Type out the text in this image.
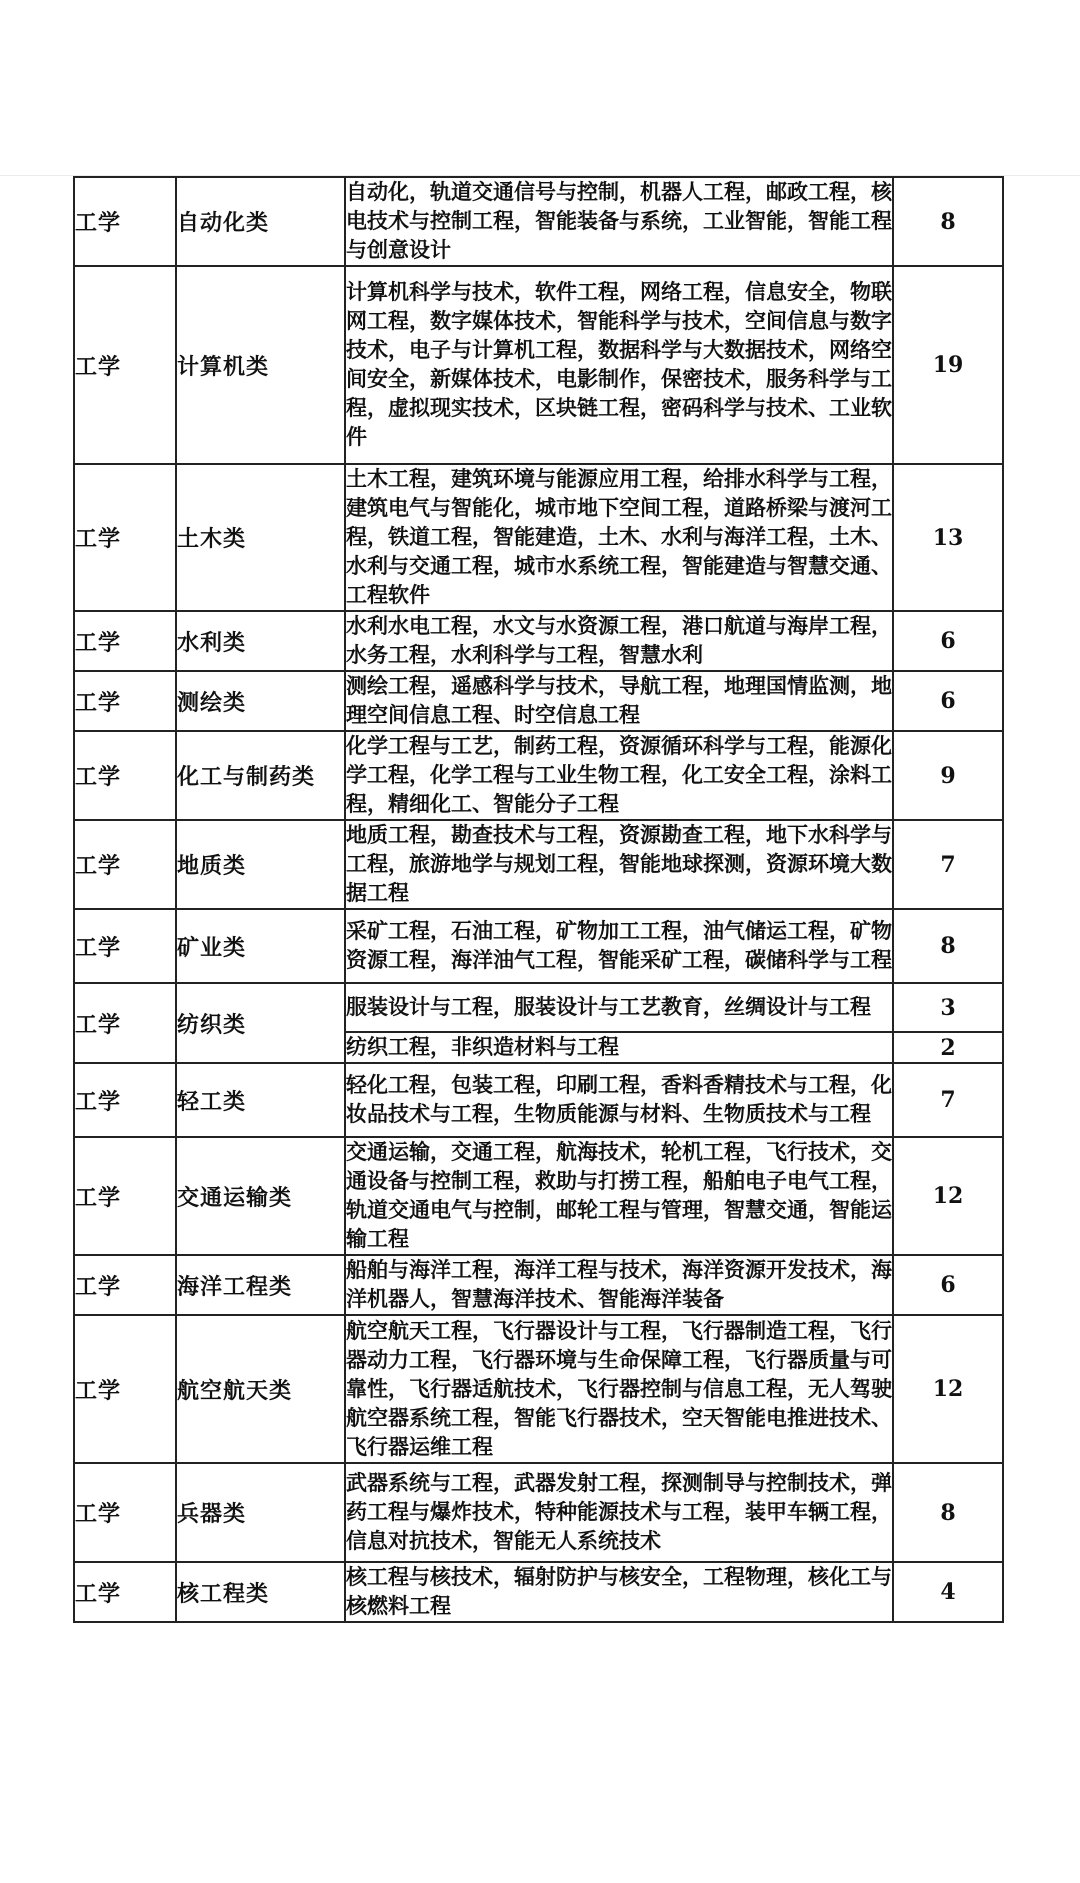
工学	自动化类	自动化，轨道交通信号与控制，机器人工程，邮政工程，核电技术与控制工程，智能装备与系统，工业智能，智能工程与创意设计	8
工学	计算机类	计算机科学与技术，软件工程，网络工程，信息安全，物联网工程，数字媒体技术，智能科学与技术，空间信息与数字技术，电子与计算机工程，数据科学与大数据技术，网络空间安全，新媒体技术，电影制作，保密技术，服务科学与工程，虚拟现实技术，区块链工程，密码科学与技术、工业软件	19
工学	土木类	土木工程，建筑环境与能源应用工程，给排水科学与工程，建筑电气与智能化，城市地下空间工程，道路桥梁与渡河工程，铁道工程，智能建造，土木、水利与海洋工程，土木、水利与交通工程，城市水系统工程，智能建造与智慧交通、工程软件	13
工学	水利类	水利水电工程，水文与水资源工程，港口航道与海岸工程，水务工程，水利科学与工程，智慧水利	6
工学	测绘类	测绘工程，遥感科学与技术，导航工程，地理国情监测，地理空间信息工程、时空信息工程	6
工学	化工与制药类	化学工程与工艺，制药工程，资源循环科学与工程，能源化学工程，化学工程与工业生物工程，化工安全工程，涂料工程，精细化工、智能分子工程	9
工学	地质类	地质工程，勘查技术与工程，资源勘查工程，地下水科学与工程，旅游地学与规划工程，智能地球探测，资源环境大数据工程	7
工学	矿业类	采矿工程，石油工程，矿物加工工程，油气储运工程，矿物资源工程，海洋油气工程，智能采矿工程，碳储科学与工程	8
工学	纺织类	服装设计与工程，服装设计与工艺教育，丝绸设计与工程	3
		纺织工程，非织造材料与工程	2
工学	轻工类	轻化工程，包装工程，印刷工程，香料香精技术与工程，化妆品技术与工程，生物质能源与材料、生物质技术与工程	7
工学	交通运输类	交通运输，交通工程，航海技术，轮机工程，飞行技术，交通设备与控制工程，救助与打捞工程，船舶电子电气工程，轨道交通电气与控制，邮轮工程与管理，智慧交通，智能运输工程	12
工学	海洋工程类	船舶与海洋工程，海洋工程与技术，海洋资源开发技术，海洋机器人，智慧海洋技术、智能海洋装备	6
工学	航空航天类	航空航天工程，飞行器设计与工程，飞行器制造工程，飞行器动力工程，飞行器环境与生命保障工程，飞行器质量与可靠性，飞行器适航技术，飞行器控制与信息工程，无人驾驶航空器系统工程，智能飞行器技术，空天智能电推进技术、飞行器运维工程	12
工学	兵器类	武器系统与工程，武器发射工程，探测制导与控制技术，弹药工程与爆炸技术，特种能源技术与工程，装甲车辆工程，信息对抗技术，智能无人系统技术	8
工学	核工程类	核工程与核技术，辐射防护与核安全，工程物理，核化工与核燃料工程	4
